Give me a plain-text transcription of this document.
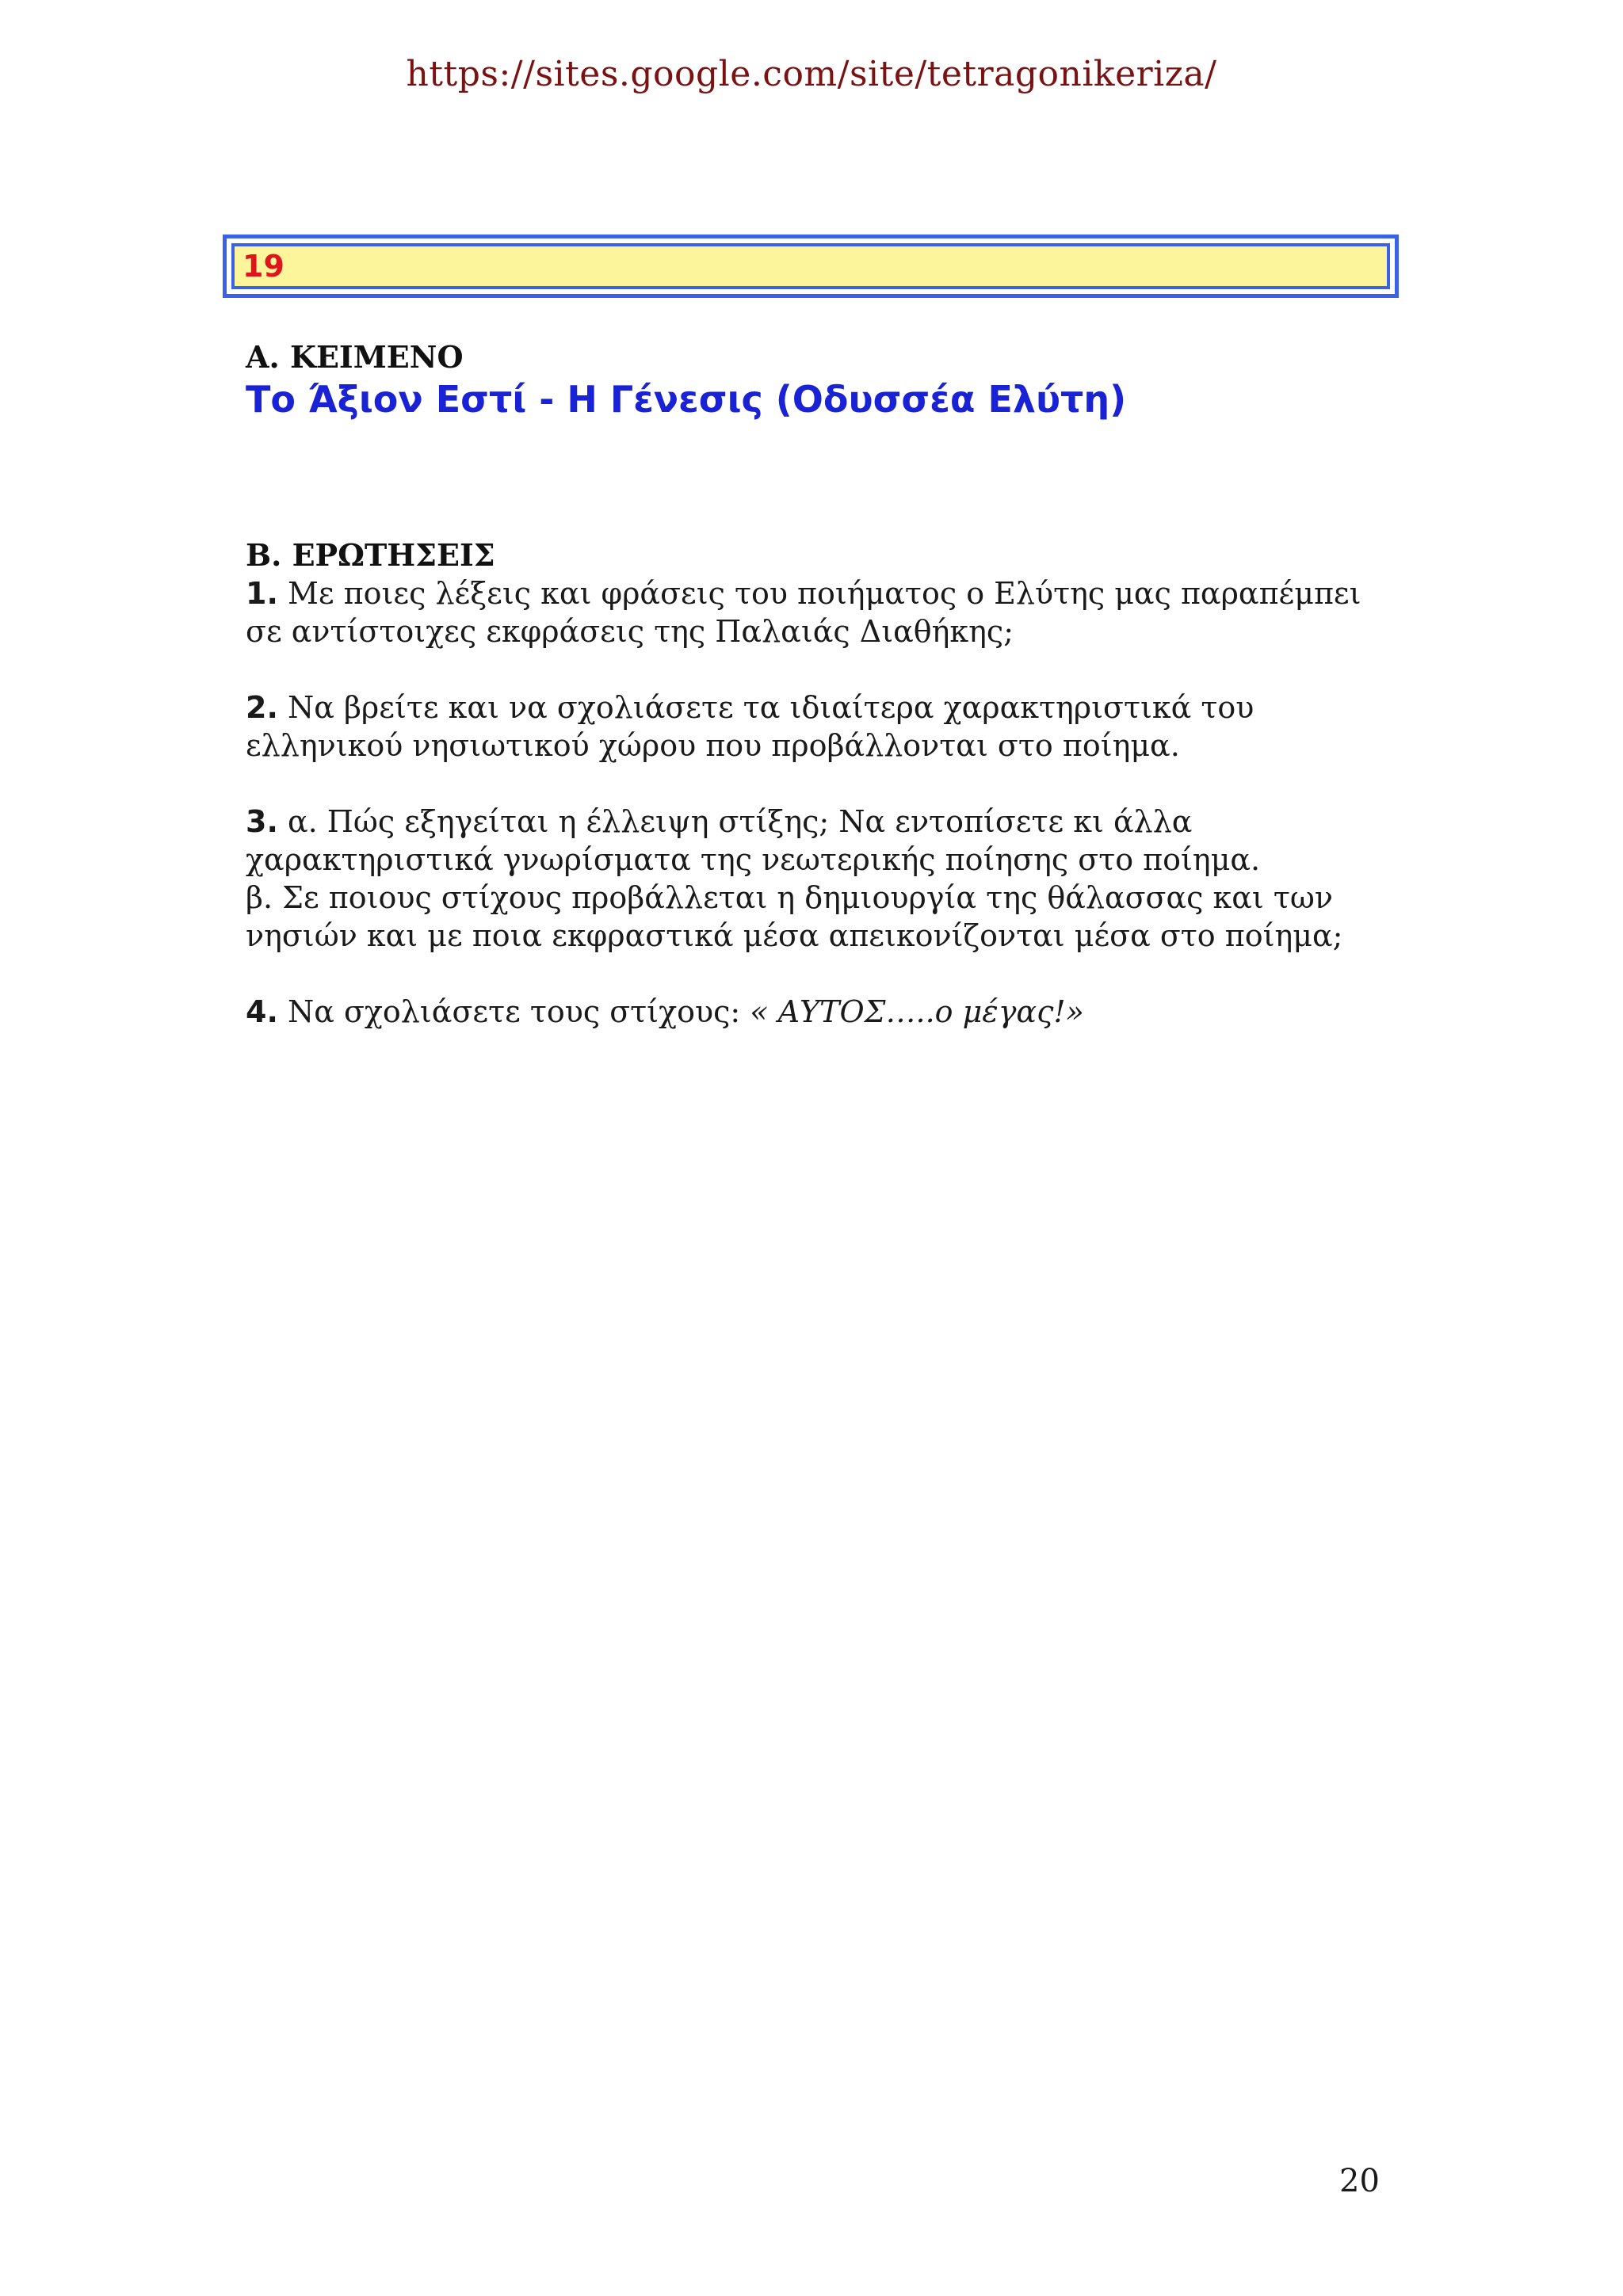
https://sites.google.com/site/tetragonikeriza/
19

Α. ΚΕΙΜΕΝΟ

Το Άξιον Εστί - Η Γένεσις (Οδυσσέα Ελύτη)

Β. ΕΡΩΤΗΣΕΙΣ

1. Με ποιες λέξεις και φράσεις του ποιήματος ο Ελύτης μας παραπέμπει

σε αντίστοιχες εκφράσεις της Παλαιάς Διαθήκης;

2. Να βρείτε και να σχολιάσετε τα ιδιαίτερα χαρακτηριστικά του

ελληνικού νησιωτικού χώρου που προβάλλονται στο ποίημα.

3. α. Πώς εξηγείται η έλλειψη στίξης; Να εντοπίσετε κι άλλα

χαρακτηριστικά γνωρίσματα της νεωτερικής ποίησης στο ποίημα.

β. Σε ποιους στίχους προβάλλεται η δημιουργία της θάλασσας και των

νησιών και με ποια εκφραστικά μέσα απεικονίζονται μέσα στο ποίημα;

4. Να σχολιάσετε τους στίχους: « ΑΥΤΟΣ…..ο μέγας!»

20
